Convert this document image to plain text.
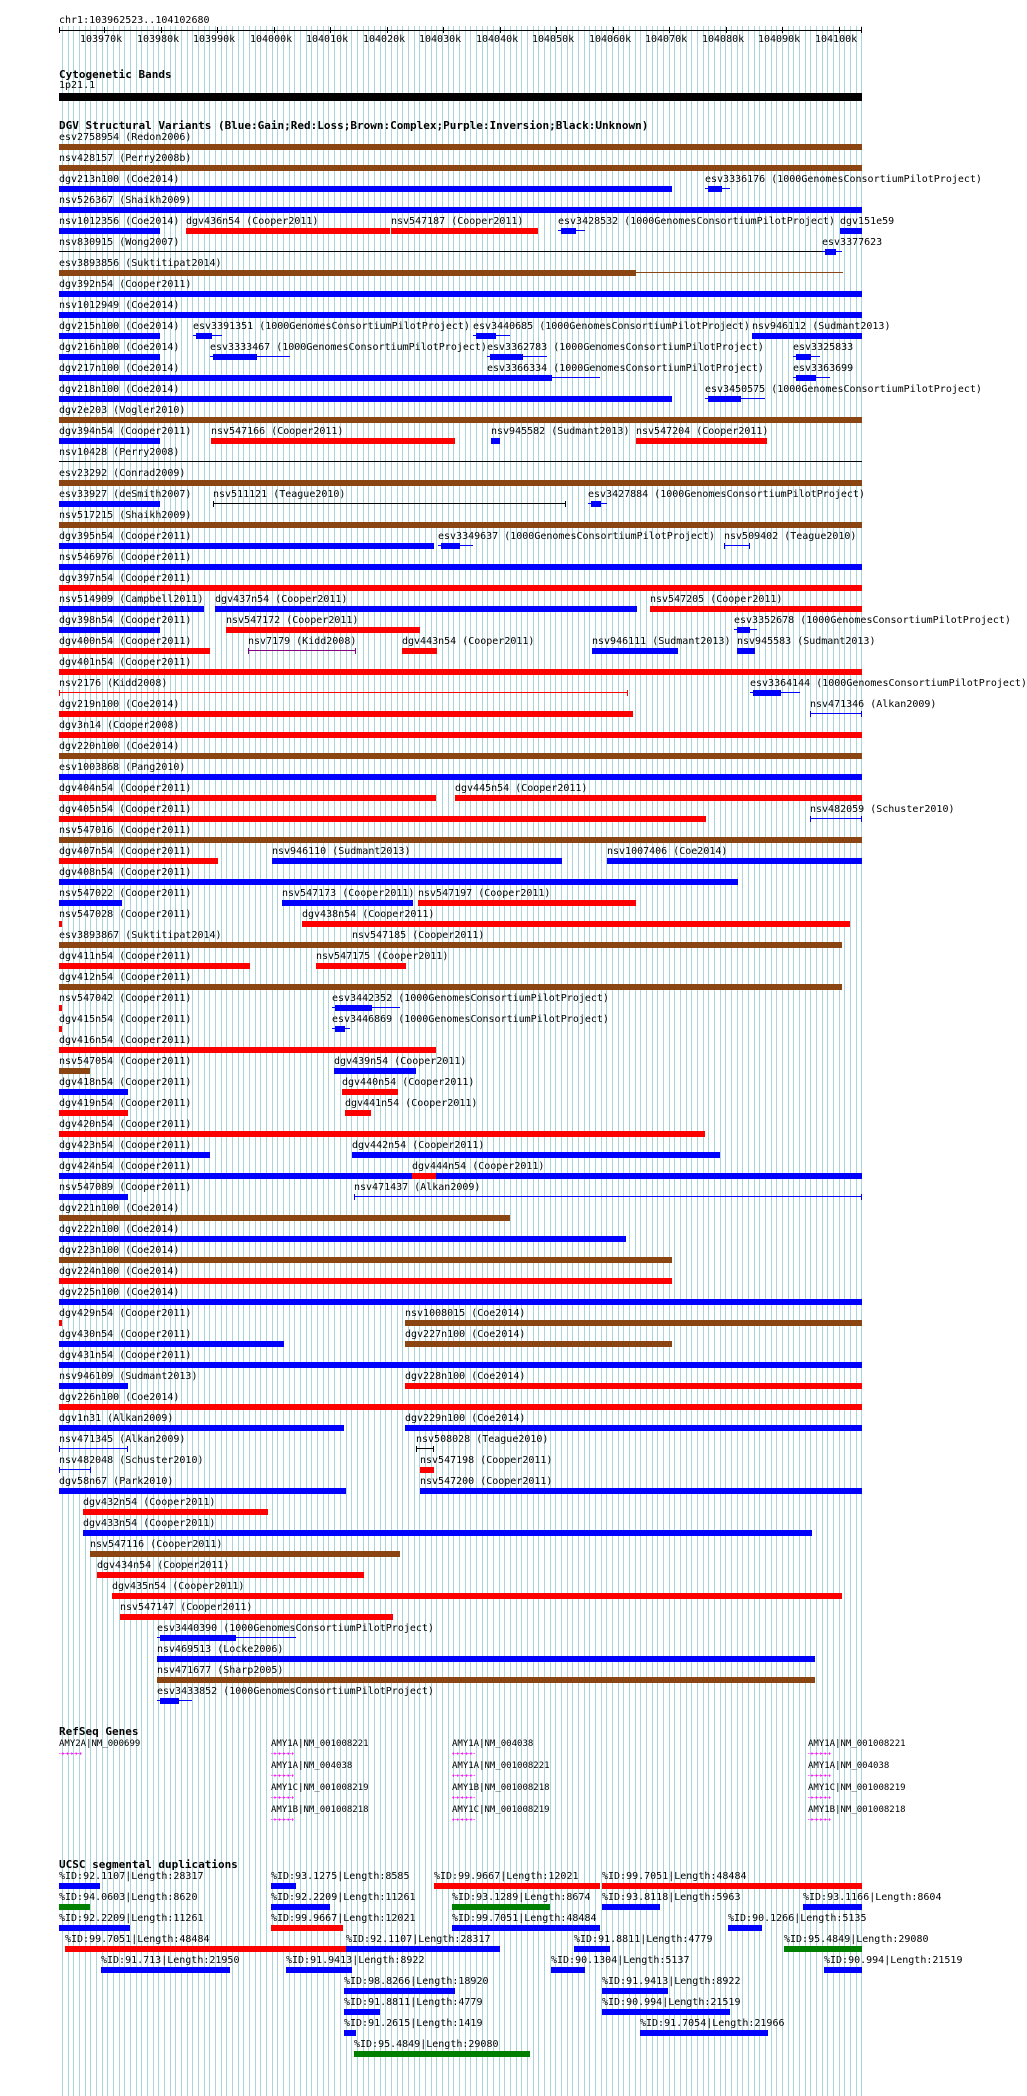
chr1:103962523..104102680
103970k 103980k 103990k 104000k 104010k 104020k 104030k 104040k 104050k 104060k 104070k 104080k 104090k 104100k
Cytogenetic Bands
1p21.1
DGV Structural Variants (Blue:Gain;Red:Loss;Brown:Complex;Purple:Inversion;Black:Unknown)
esv2758954 (Redon2006)
nsv428157 (Perry2008b)
dgv213n100 (Coe2014)	esv3336176 (1000GenomesConsortiumPilotProject)
nsv526367 (Shaikh2009)
nsv1012356 (Coe2014) dgv436n54 (Cooper2011)	nsv547187 (Cooper2011)	esv3428532 (1000GenomesConsortiumPilotProject) dgv151e59
nsv830915 (Wong2007)	esv3377623
esv3893856 (Suktitipat2014)
dgv392n54 (Cooper2011)
nsv1012949 (Coe2014)
dgv215n100 (Coe2014) esv3391351 (1000GenomesConsortiumPilotProject) esv3440685 (1000GenomesConsortiumPilotProject) nsv946112 (Sudmant2013)
dgv216n100 (Coe2014)	esv3333467 (1000GenomesConsortiumPilotProject) esv3362783 (1000GenomesConsortiumPilotProject)	esv3325833
dgv217n100 (Coe2014)	esv3366334 (1000GenomesConsortiumPilotProject)	esv3363699
dgv218n100 (Coe2014)	esv3450575 (1000GenomesConsortiumPilotProject)
dgv2e203 (Vogler2010)
dgv394n54 (Cooper2011) nsv547166 (Cooper2011)	nsv945582 (Sudmant2013) nsv547204 (Cooper2011)
nsv10428 (Perry2008)
esv23292 (Conrad2009)
esv33927 (deSmith2007) nsv511121 (Teague2010)	esv3427884 (1000GenomesConsortiumPilotProject)
nsv517215 (Shaikh2009)
dgv395n54 (Cooper2011)	esv3349637 (1000GenomesConsortiumPilotProject) nsv509402 (Teague2010)
nsv546976 (Cooper2011)
dgv397n54 (Cooper2011)
nsv514909 (Campbell2011) dgv437n54 (Cooper2011)	nsv547205 (Cooper2011)
dgv398n54 (Cooper2011)	nsv547172 (Cooper2011)	esv3352678 (1000GenomesConsortiumPilotProject)
dgv400n54 (Cooper2011)	nsv7179 (Kidd2008)	dgv443n54 (Cooper2011)	nsv946111 (Sudmant2013) nsv945583 (Sudmant2013)
dgv401n54 (Cooper2011)
nsv2176 (Kidd2008)	esv3364144 (1000GenomesConsortiumPilotProject)
dgv219n100 (Coe2014)	nsv471346 (Alkan2009)
dgv3n14 (Cooper2008)
dgv220n100 (Coe2014)
esv1003868 (Pang2010)
dgv404n54 (Cooper2011)	dgv445n54 (Cooper2011)
dgv405n54 (Cooper2011)	nsv482059 (Schuster2010)
nsv547016 (Cooper2011)
dgv407n54 (Cooper2011)	nsv946110 (Sudmant2013)	nsv1007406 (Coe2014)
dgv408n54 (Cooper2011)
nsv547022 (Cooper2011)	nsv547173 (Cooper2011) nsv547197 (Cooper2011)
nsv547028 (Cooper2011)	dgv438n54 (Cooper2011)
esv3893867 (Suktitipat2014)	nsv547185 (Cooper2011)
dgv411n54 (Cooper2011)	nsv547175 (Cooper2011)
dgv412n54 (Cooper2011)
nsv547042 (Cooper2011)	esv3442352 (1000GenomesConsortiumPilotProject)
dgv415n54 (Cooper2011)	esv3446869 (1000GenomesConsortiumPilotProject)
dgv416n54 (Cooper2011)
nsv547054 (Cooper2011)	dgv439n54 (Cooper2011)
dgv418n54 (Cooper2011)	dgv440n54 (Cooper2011)
dgv419n54 (Cooper2011)	dgv441n54 (Cooper2011)
dgv420n54 (Cooper2011)
dgv423n54 (Cooper2011)	dgv442n54 (Cooper2011)
dgv424n54 (Cooper2011)	dgv444n54 (Cooper2011)
nsv547089 (Cooper2011)	nsv471437 (Alkan2009)
dgv221n100 (Coe2014)
dgv222n100 (Coe2014)
dgv223n100 (Coe2014)
dgv224n100 (Coe2014)
dgv225n100 (Coe2014)
dgv429n54 (Cooper2011)	nsv1008015 (Coe2014)
dgv430n54 (Cooper2011)	dgv227n100 (Coe2014)
dgv431n54 (Cooper2011)
nsv946109 (Sudmant2013)	dgv228n100 (Coe2014)
dgv226n100 (Coe2014)
dgv1n31 (Alkan2009)	dgv229n100 (Coe2014)
nsv471345 (Alkan2009)	nsv508028 (Teague2010)
nsv482048 (Schuster2010)	nsv547198 (Cooper2011)
dgv58n67 (Park2010)	nsv547200 (Cooper2011)
dgv432n54 (Cooper2011)
dgv433n54 (Cooper2011)
nsv547116 (Cooper2011)
dgv434n54 (Cooper2011)
dgv435n54 (Cooper2011)
nsv547147 (Cooper2011)
esv3440390 (1000GenomesConsortiumPilotProject)
nsv469513 (Locke2006)
nsv471677 (Sharp2005)
esv3433852 (1000GenomesConsortiumPilotProject)
RefSeq Genes
AMY2A|NM_000699
⇢⇢⇢⇢⇢
AMY1A|NM_001008221
⇢⇢⇢⇢⇢
AMY1A|NM_004038
⇢⇢⇢⇢⇢
AMY1C|NM_001008219
⇢⇢⇢⇢⇢
AMY1B|NM_001008218
⇢⇢⇢⇢⇢
AMY1A|NM_004038
⇠⇠⇠⇠⇠
AMY1A|NM_001008221
⇠⇠⇠⇠⇠
AMY1B|NM_001008218
⇠⇠⇠⇠⇠
AMY1C|NM_001008219
⇠⇠⇠⇠⇠
AMY1A|NM_001008221
⇢⇢⇢⇢⇢
AMY1A|NM_004038
⇢⇢⇢⇢⇢
AMY1C|NM_001008219
⇢⇢⇢⇢⇢
AMY1B|NM_001008218
⇢⇢⇢⇢⇢
UCSC segmental duplications
%ID:92.1107|Length:28317	%ID:93.1275|Length:8585 %ID:99.9667|Length:12021 %ID:99.7051|Length:48484
%ID:94.0603|Length:8620	%ID:92.2209|Length:11261	%ID:93.1289|Length:8674 %ID:93.8118|Length:5963	%ID:93.1166|Length:8604
%ID:92.2209|Length:11261	%ID:99.9667|Length:12021	%ID:99.7051|Length:48484	%ID:90.1266|Length:5135
%ID:99.7051|Length:48484	%ID:92.1107|Length:28317	%ID:91.8811|Length:4779	%ID:95.4849|Length:29080
%ID:91.713|Length:21950	%ID:91.9413|Length:8922	%ID:90.1304|Length:5137	%ID:90.994|Length:21519
%ID:98.8266|Length:18920	%ID:91.9413|Length:8922
%ID:91.8811|Length:4779	%ID:90.994|Length:21519
%ID:91.2615|Length:1419	%ID:91.7054|Length:21966
%ID:95.4849|Length:29080
